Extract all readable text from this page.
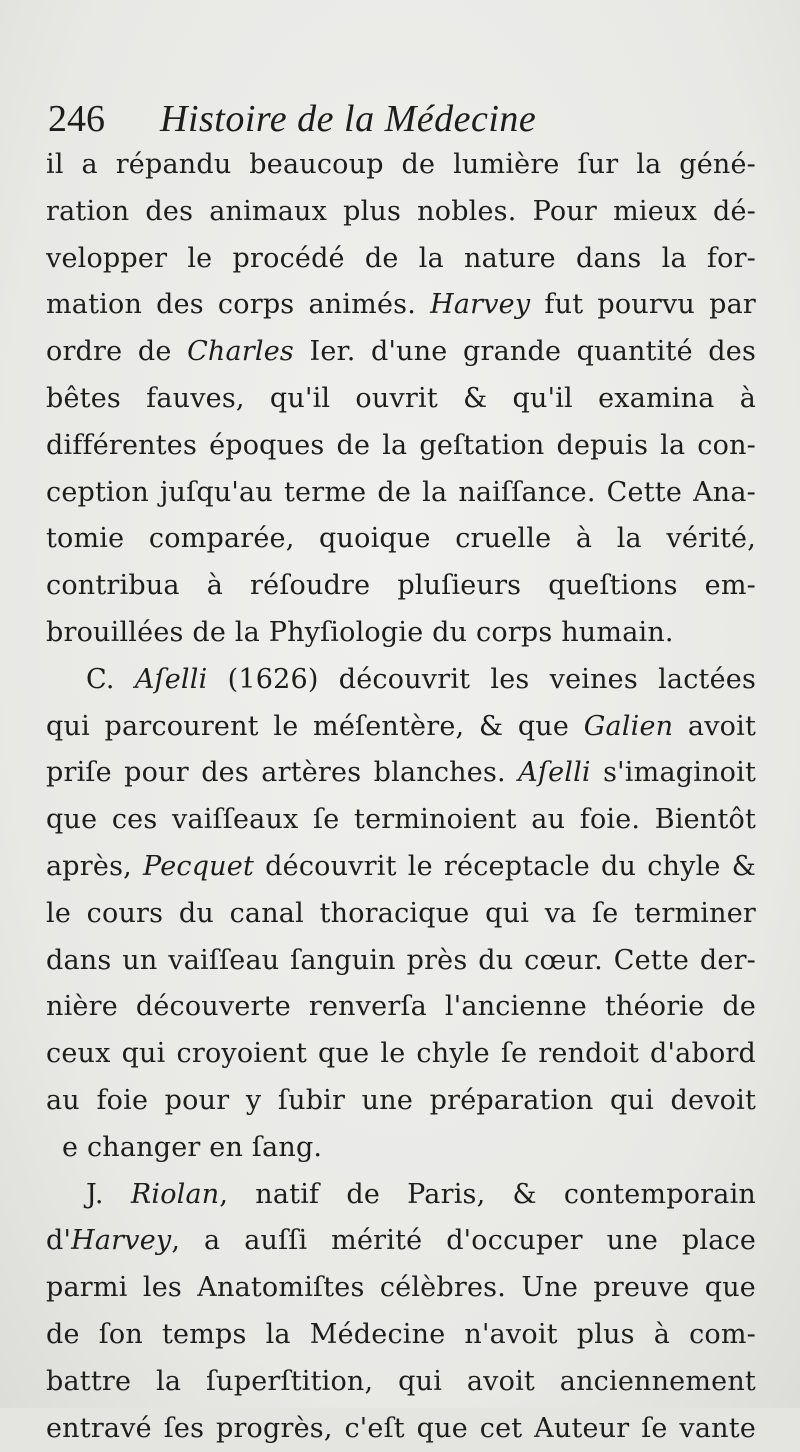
246 Histoire de la Médecine
il a répandu beaucoup de lumière ſur la géné-
ration des animaux plus nobles. Pour mieux dé-
velopper le procédé de la nature dans la for-
mation des corps animés. Harvey fut pourvu par
ordre de Charles Ier. d'une grande quantité des
bêtes fauves, qu'il ouvrit & qu'il examina à
différentes époques de la geſtation depuis la con-
ception juſqu'au terme de la naiſſance. Cette Ana-
tomie comparée, quoique cruelle à la vérité,
contribua à réſoudre pluſieurs queſtions em-
brouillées de la Phyſiologie du corps humain.
C. Aſelli (1626) découvrit les veines lactées
qui parcourent le méſentère, & que Galien avoit
priſe pour des artères blanches. Aſelli s'imaginoit
que ces vaiſſeaux ſe terminoient au foie. Bientôt
après, Pecquet découvrit le réceptacle du chyle &
le cours du canal thoracique qui va ſe terminer
dans un vaiſſeau ſanguin près du cœur. Cette der-
nière découverte renverſa l'ancienne théorie de
ceux qui croyoient que le chyle ſe rendoit d'abord
au foie pour y ſubir une préparation qui devoit
e changer en ſang.
J. Riolan, natif de Paris, & contemporain
d'Harvey, a auſſi mérité d'occuper une place
parmi les Anatomiſtes célèbres. Une preuve que
de ſon temps la Médecine n'avoit plus à com-
battre la ſuperſtition, qui avoit anciennement
entravé ſes progrès, c'eſt que cet Auteur ſe vante
